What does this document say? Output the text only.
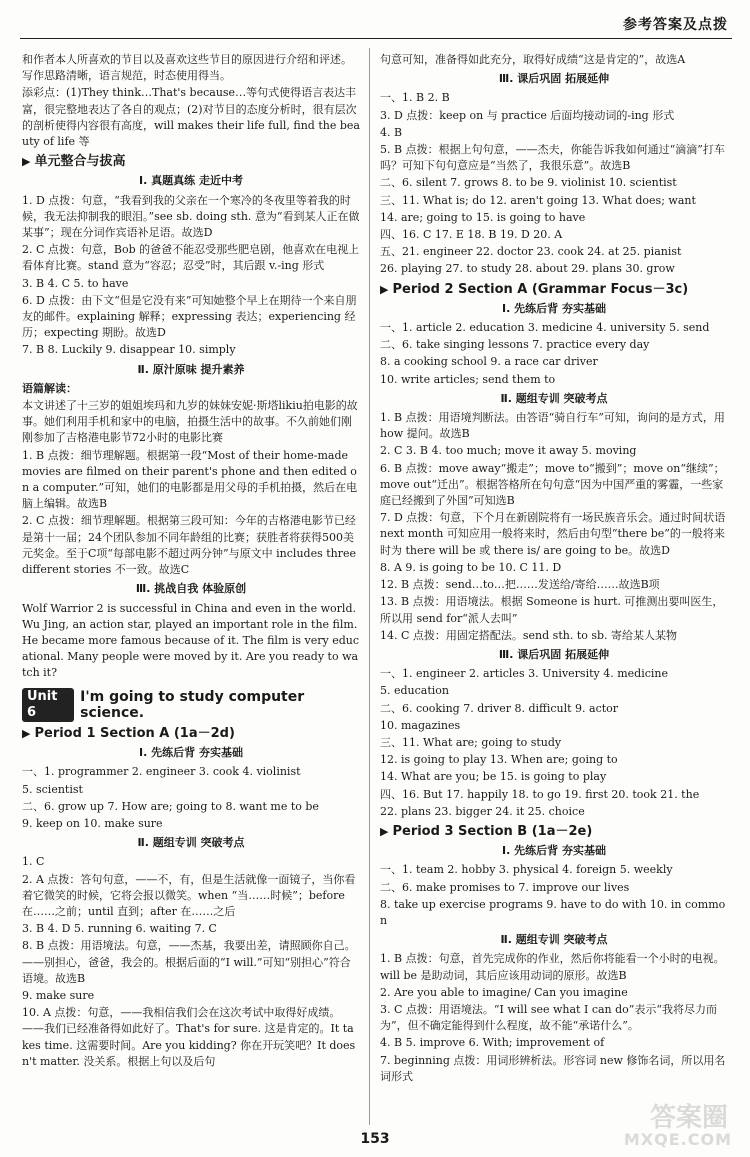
参考答案及点拨
和作者本人所喜欢的节目以及喜欢这些节目的原因进行介绍和评述。写作思路清晰，语言规范，时态使用得当。
添彩点：(1)They think…That's because…等句式使得语言表达丰富，很完整地表达了各自的观点；(2)对节目的态度分析时，很有层次的剖析使得内容很有高度，will makes their life full, find the beauty of life 等
▶ 单元整合与拔高
Ⅰ. 真题真练 走近中考
1. D 点拨：句意，“我看到我的父亲在一个寒冷的冬夜里等着我的时候，我无法抑制我的眼泪。”see sb. doing sth. 意为“看到某人正在做某事”；现在分词作宾语补足语。故选D
2. C 点拨：句意，Bob 的爸爸不能忍受那些肥皂剧，他喜欢在电视上看体育比赛。stand 意为“容忍；忍受”时，其后跟 v.-ing 形式
3. B 4. C 5. to have
6. D 点拨：由下文“但是它没有来”可知她整个早上在期待一个来自朋友的邮件。explaining 解释；expressing 表达；experiencing 经历；expecting 期盼。故选D
7. B 8. Luckily 9. disappear 10. simply
Ⅱ. 原汁原味 提升素养
语篇解读：
本文讲述了十三岁的姐姐埃玛和九岁的妹妹安妮·斯塔likiu拍电影的故事。她们利用手机和家中的电脑，拍摄生活中的故事。不久前她们刚刚参加了吉格港电影节72小时的电影比赛
1. B 点拨：细节理解题。根据第一段“Most of their home-made movies are filmed on their parent's phone and then edited on a computer.”可知，她们的电影都是用父母的手机拍摄，然后在电脑上编辑。故选B
2. C 点拨：细节理解题。根据第三段可知：今年的吉格港电影节已经是第十一届；24个团队参加不同年龄组的比赛；获胜者将获得500美元奖金。至于C项“每部电影不超过两分钟”与原文中 includes three different stories 不一致。故选C
Ⅲ. 挑战自我 体验原创
Wolf Warrior 2 is successful in China and even in the world. Wu Jing, an action star, played an important role in the film. He became more famous because of it. The film is very educational. Many people were moved by it. Are you ready to watch it?
Unit 6
I'm going to study computer science.
▶ Period 1 Section A (1a－2d)
Ⅰ. 先练后背 夯实基础
一、1. programmer 2. engineer 3. cook 4. violinist
5. scientist
二、6. grow up 7. How are; going to 8. want me to be
9. keep on 10. make sure
Ⅱ. 题组专训 突破考点
1. C
2. A 点拨：答句句意，——不，有，但是生活就像一面镜子，当你看着它微笑的时候，它将会报以微笑。when “当……时候”；before 在……之前；until 直到；after 在……之后
3. B 4. D 5. running 6. waiting 7. C
8. B 点拨：用语境法。句意，——杰基，我要出差，请照顾你自己。——别担心，爸爸，我会的。根据后面的“I will.”可知“别担心”符合语境。故选B
9. make sure
10. A 点拨：句意，——我相信我们会在这次考试中取得好成绩。——我们已经准备得如此好了。That's for sure. 这是肯定的。It takes time. 这需要时间。Are you kidding? 你在开玩笑吧？It doesn't matter. 没关系。根据上句以及后句
句意可知，准备得如此充分，取得好成绩“这是肯定的”，故选A
Ⅲ. 课后巩固 拓展延伸
一、1. B 2. B
3. D 点拨：keep on 与 practice 后面均接动词的-ing 形式
4. B
5. B 点拨：根据上句句意，——杰夫，你能告诉我如何通过“滴滴”打车吗？可知下句句意应是“当然了，我很乐意”。故选B
二、6. silent 7. grows 8. to be 9. violinist 10. scientist
三、11. What is; do 12. aren't going 13. What does; want
14. are; going to 15. is going to have
四、16. C 17. E 18. B 19. D 20. A
五、21. engineer 22. doctor 23. cook 24. at 25. pianist
26. playing 27. to study 28. about 29. plans 30. grow
▶ Period 2 Section A (Grammar Focus－3c)
Ⅰ. 先练后背 夯实基础
一、1. article 2. education 3. medicine 4. university 5. send
二、6. take singing lessons 7. practice every day
8. a cooking school 9. a race car driver
10. write articles; send them to
Ⅱ. 题组专训 突破考点
1. B 点拨：用语境判断法。由答语“骑自行车”可知，询问的是方式，用 how 提问。故选B
2. C 3. B 4. too much; move it away 5. moving
6. B 点拨：move away“搬走”；move to“搬到”；move on“继续”；move out“迁出”。根据答格所在句句意“因为中国严重的雾霾，一些家庭已经搬到了外国”可知选B
7. D 点拨：句意，下个月在新剧院将有一场民族音乐会。通过时间状语 next month 可知应用一般将来时，然后由句型“there be”的一般将来时为 there will be 或 there is/ are going to be。故选D
8. A 9. is going to be 10. C 11. D
12. B 点拨：send…to…把……发送给/寄给……故选B项
13. B 点拨：用语境法。根据 Someone is hurt. 可推测出要叫医生，所以用 send for“派人去叫”
14. C 点拨：用固定搭配法。send sth. to sb. 寄给某人某物
Ⅲ. 课后巩固 拓展延伸
一、1. engineer 2. articles 3. University 4. medicine
5. education
二、6. cooking 7. driver 8. difficult 9. actor
10. magazines
三、11. What are; going to study
12. is going to play 13. When are; going to
14. What are you; be 15. is going to play
四、16. But 17. happily 18. to go 19. first 20. took 21. the
22. plans 23. bigger 24. it 25. choice
▶ Period 3 Section B (1a－2e)
Ⅰ. 先练后背 夯实基础
一、1. team 2. hobby 3. physical 4. foreign 5. weekly
二、6. make promises to 7. improve our lives
8. take up exercise programs 9. have to do with 10. in common
Ⅱ. 题组专训 突破考点
1. B 点拨：句意，首先完成你的作业，然后你将能看一个小时的电视。will be 是助动词，其后应该用动词的原形。故选B
2. Are you able to imagine/ Can you imagine
3. C 点拨：用语境法。“I will see what I can do”表示“我将尽力而为”，但不确定能得到什么程度，故不能“承诺什么”。
4. B 5. improve 6. With; improvement of
7. beginning 点拨：用词形辨析法。形容词 new 修饰名词，所以用名词形式
153
答案圈
MXQE.COM
